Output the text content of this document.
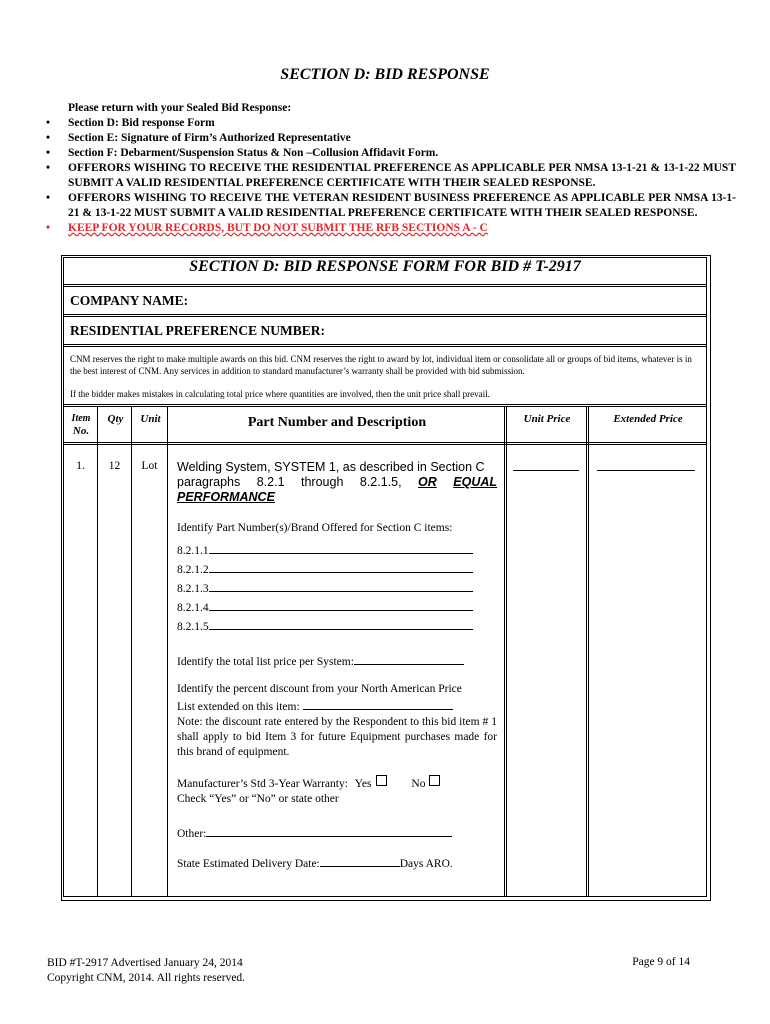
SECTION D: BID RESPONSE
Please return with your Sealed Bid Response:
• Section D: Bid response Form
• Section E: Signature of Firm’s Authorized Representative
• Section F: Debarment/Suspension Status & Non –Collusion Affidavit Form.
• OFFERORS WISHING TO RECEIVE THE RESIDENTIAL PREFERENCE AS APPLICABLE PER NMSA 13-1-21 & 13-1-22 MUST SUBMIT A VALID RESIDENTIAL PREFERENCE CERTIFICATE WITH THEIR SEALED RESPONSE.
• OFFERORS WISHING TO RECEIVE THE VETERAN RESIDENT BUSINESS PREFERENCE AS APPLICABLE PER NMSA 13-1-21 & 13-1-22 MUST SUBMIT A VALID RESIDENTIAL PREFERENCE CERTIFICATE WITH THEIR SEALED RESPONSE.
• KEEP FOR YOUR RECORDS, BUT DO NOT SUBMIT THE RFB SECTIONS A - C
SECTION D: BID RESPONSE FORM FOR BID # T-2917
COMPANY NAME:
RESIDENTIAL PREFERENCE NUMBER:
CNM reserves the right to make multiple awards on this bid. CNM reserves the right to award by lot, individual item or consolidate all or groups of bid items, whatever is in the best interest of CNM. Any services in addition to standard manufacturer’s warranty shall be provided with bid submission.
If the bidder makes mistakes in calculating total price where quantities are involved, then the unit price shall prevail.
Item
No.
Qty	Unit	Part Number and Description	Unit Price	Extended Price
1.	12	Lot	Welding System, SYSTEM 1, as described in Section C
paragraphs 8.2.1 through 8.2.1.5, OR EQUAL
PERFORMANCE
Identify Part Number(s)/Brand Offered for Section C items:
8.2.1.1
8.2.1.2
8.2.1.3
8.2.1.4
8.2.1.5
Identify the total list price per System:
Identify the percent discount from your North American Price
List extended on this item:
Note: the discount rate entered by the Respondent to this bid item # 1 shall apply to bid Item 3 for future Equipment purchases made for this brand of equipment.
Manufacturer’s Std 3-Year Warranty: Yes	No
Check “Yes” or “No” or state other
Other:
State Estimated Delivery Date:	Days ARO.
BID #T-2917 Advertised January 24, 2014
Copyright CNM, 2014. All rights reserved.
Page 9 of 14
